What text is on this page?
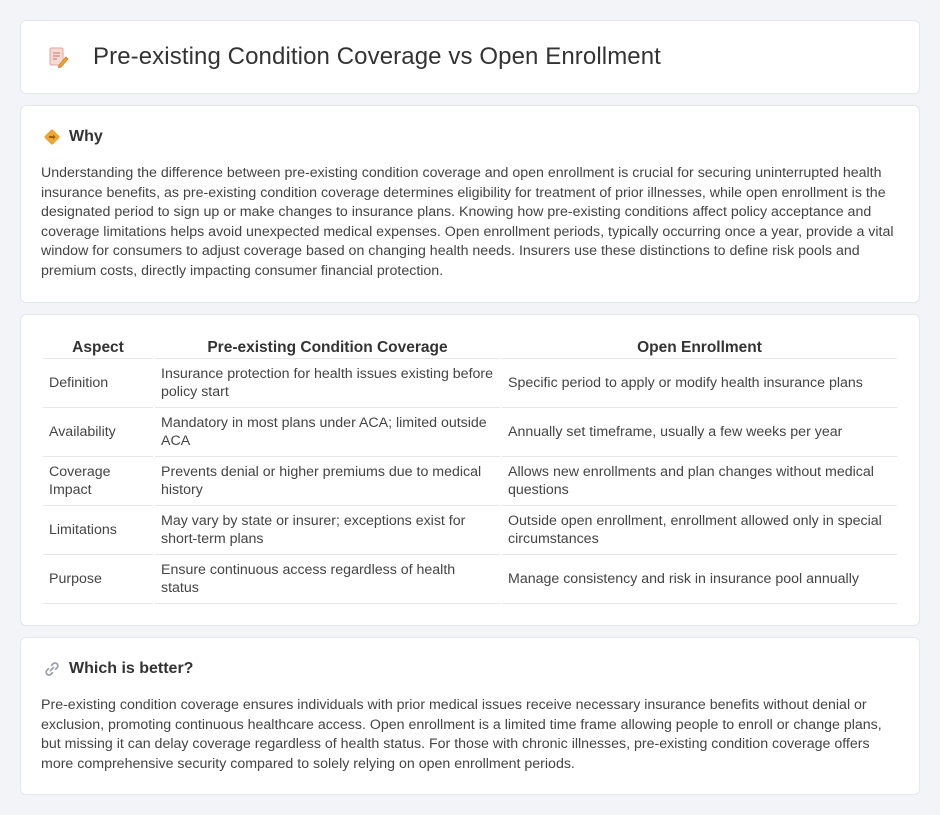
Pre-existing Condition Coverage vs Open Enrollment
Why

Understanding the difference between pre-existing condition coverage and open enrollment is crucial for securing uninterrupted health insurance benefits, as pre-existing condition coverage determines eligibility for treatment of prior illnesses, while open enrollment is the designated period to sign up or make changes to insurance plans. Knowing how pre-existing conditions affect policy acceptance and coverage limitations helps avoid unexpected medical expenses. Open enrollment periods, typically occurring once a year, provide a vital window for consumers to adjust coverage based on changing health needs. Insurers use these distinctions to define risk pools and premium costs, directly impacting consumer financial protection.

Aspect	Pre-existing Condition Coverage	Open Enrollment
Definition	Insurance protection for health issues existing before policy start	Specific period to apply or modify health insurance plans
Availability	Mandatory in most plans under ACA; limited outside ACA	Annually set timeframe, usually a few weeks per year
Coverage Impact	Prevents denial or higher premiums due to medical history	Allows new enrollments and plan changes without medical questions
Limitations	May vary by state or insurer; exceptions exist for short-term plans	Outside open enrollment, enrollment allowed only in special circumstances
Purpose	Ensure continuous access regardless of health status	Manage consistency and risk in insurance pool annually
Which is better?

Pre-existing condition coverage ensures individuals with prior medical issues receive necessary insurance benefits without denial or exclusion, promoting continuous healthcare access. Open enrollment is a limited time frame allowing people to enroll or change plans, but missing it can delay coverage regardless of health status. For those with chronic illnesses, pre-existing condition coverage offers more comprehensive security compared to solely relying on open enrollment periods.
